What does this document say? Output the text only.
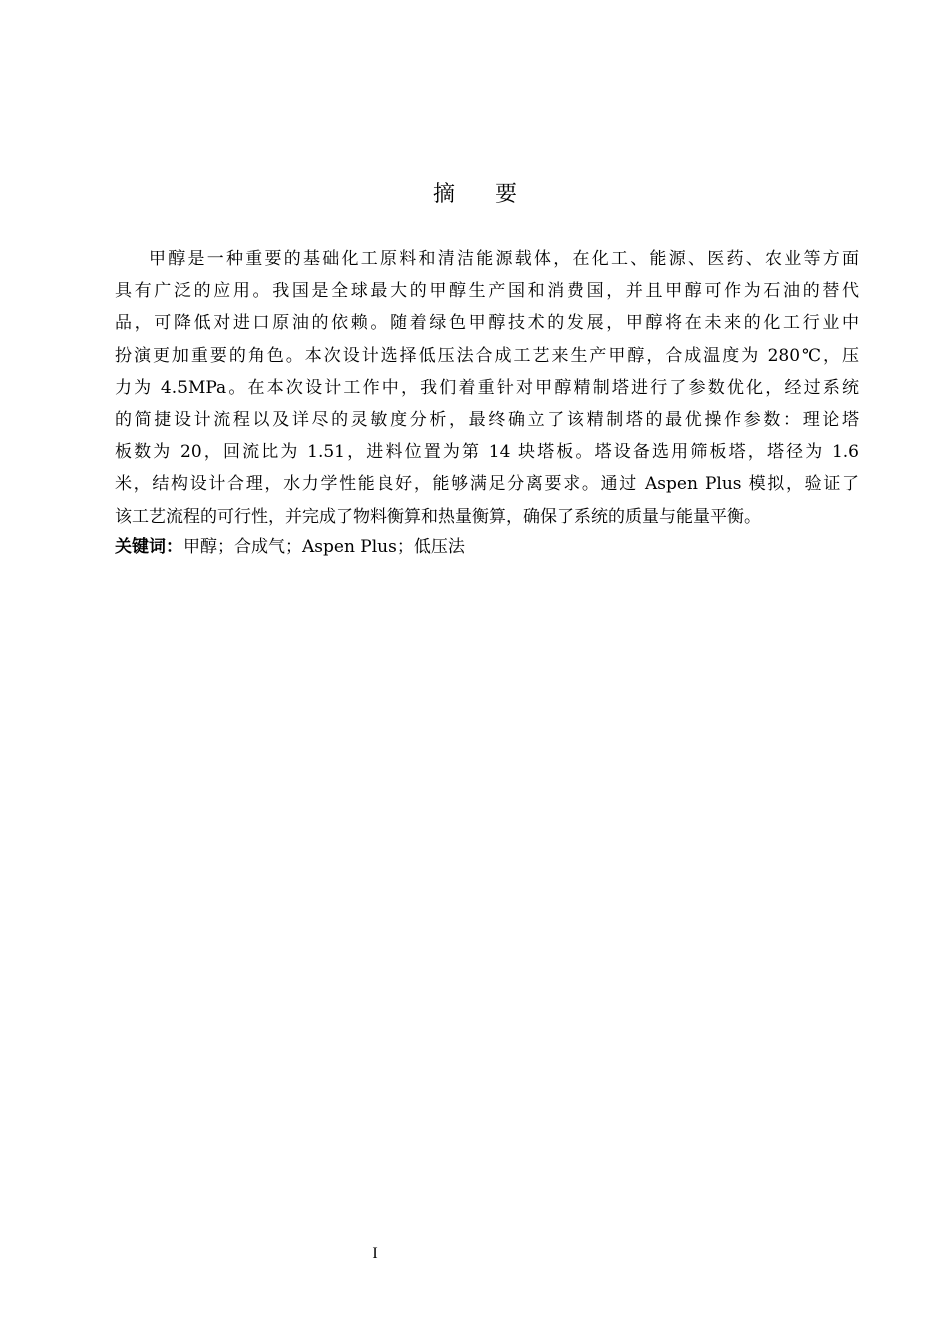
摘 要
甲醇是一种重要的基础化工原料和清洁能源载体，在化工、能源、医药、农业等方面
具有广泛的应用。我国是全球最大的甲醇生产国和消费国，并且甲醇可作为石油的替代
品，可降低对进口原油的依赖。随着绿色甲醇技术的发展，甲醇将在未来的化工行业中
扮演更加重要的角色。本次设计选择低压法合成工艺来生产甲醇，合成温度为 280℃，压
力为 4.5MPa。在本次设计工作中，我们着重针对甲醇精制塔进行了参数优化，经过系统
的简捷设计流程以及详尽的灵敏度分析，最终确立了该精制塔的最优操作参数：理论塔
板数为 20，回流比为 1.51，进料位置为第 14 块塔板。塔设备选用筛板塔，塔径为 1.6
米，结构设计合理，水力学性能良好，能够满足分离要求。通过 Aspen Plus 模拟，验证了
该工艺流程的可行性，并完成了物料衡算和热量衡算，确保了系统的质量与能量平衡。
关键词：甲醇；合成气；Aspen Plus；低压法
I
